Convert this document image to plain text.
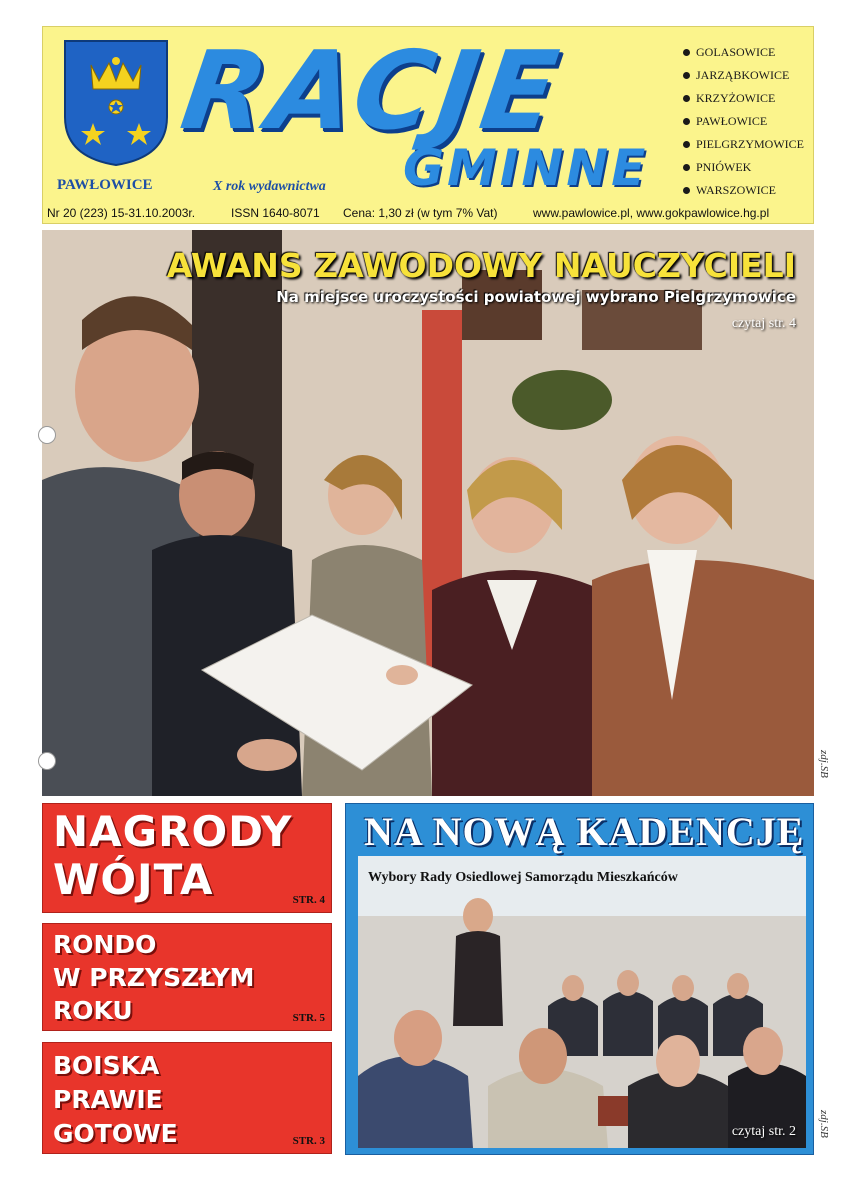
RACJE
GMINNE
PAWŁOWICE	X rok wydawnictwa
GOLASOWICE
JARZĄBKOWICE
KRZYŻOWICE
PAWŁOWICE
PIELGRZYMOWICE
PNIÓWEK
WARSZOWICE
Nr 20 (223) 15-31.10.2003r.	ISSN 1640-8071 Cena: 1,30 zł (w tym 7% Vat)	www.pawlowice.pl, www.gokpawlowice.hg.pl
AWANS ZAWODOWY NAUCZYCIELI
Na miejsce uroczystości powiatowej wybrano Pielgrzymowice
czytaj str. 4
NAGRODY
WÓJTA	STR. 4
RONDO
W PRZYSZŁYM
ROKU	STR. 5
BOISKA
PRAWIE
GOTOWE	STR. 3
NA NOWĄ KADENCJĘ
Wybory Rady Osiedlowej Samorządu Mieszkańców
czytaj str. 2
zdj.SB
zdj.SB
